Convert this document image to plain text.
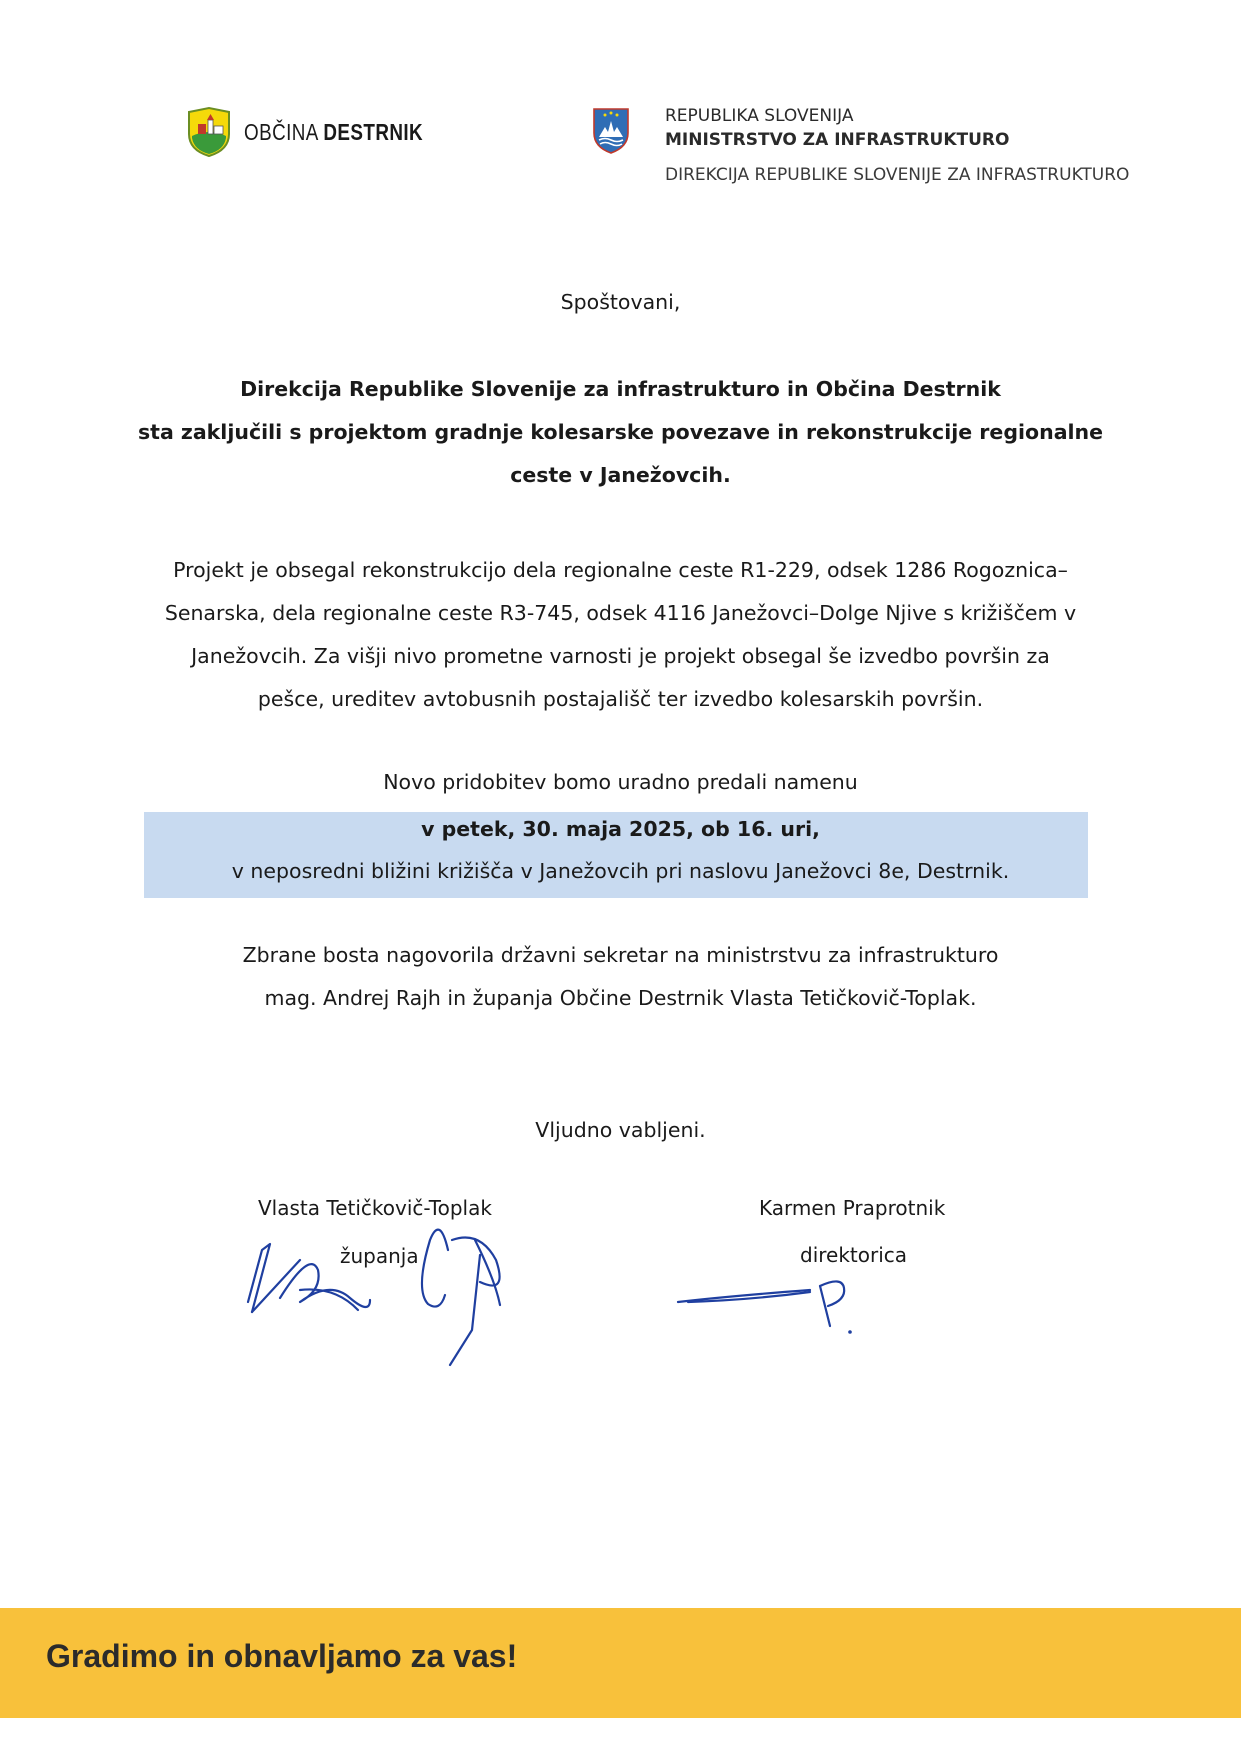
OBČINA DESTRNIK
REPUBLIKA SLOVENIJA
MINISTRSTVO ZA INFRASTRUKTURO
DIREKCIJA REPUBLIKE SLOVENIJE ZA INFRASTRUKTURO
Spoštovani,
Direkcija Republike Slovenije za infrastrukturo in Občina Destrnik
sta zaključili s projektom gradnje kolesarske povezave in rekonstrukcije regionalne
ceste v Janežovcih.
Projekt je obsegal rekonstrukcijo dela regionalne ceste R1-229, odsek 1286 Rogoznica–
Senarska, dela regionalne ceste R3-745, odsek 4116 Janežovci–Dolge Njive s križiščem v
Janežovcih. Za višji nivo prometne varnosti je projekt obsegal še izvedbo površin za
pešce, ureditev avtobusnih postajališč ter izvedbo kolesarskih površin.
Novo pridobitev bomo uradno predali namenu
v petek, 30. maja 2025, ob 16. uri,
v neposredni bližini križišča v Janežovcih pri naslovu Janežovci 8e, Destrnik.
Zbrane bosta nagovorila državni sekretar na ministrstvu za infrastrukturo
mag. Andrej Rajh in županja Občine Destrnik Vlasta Tetičkovič-Toplak.
Vljudno vabljeni.
Vlasta Tetičkovič-Toplak
županja
Karmen Praprotnik
direktorica
Gradimo in obnavljamo za vas!
